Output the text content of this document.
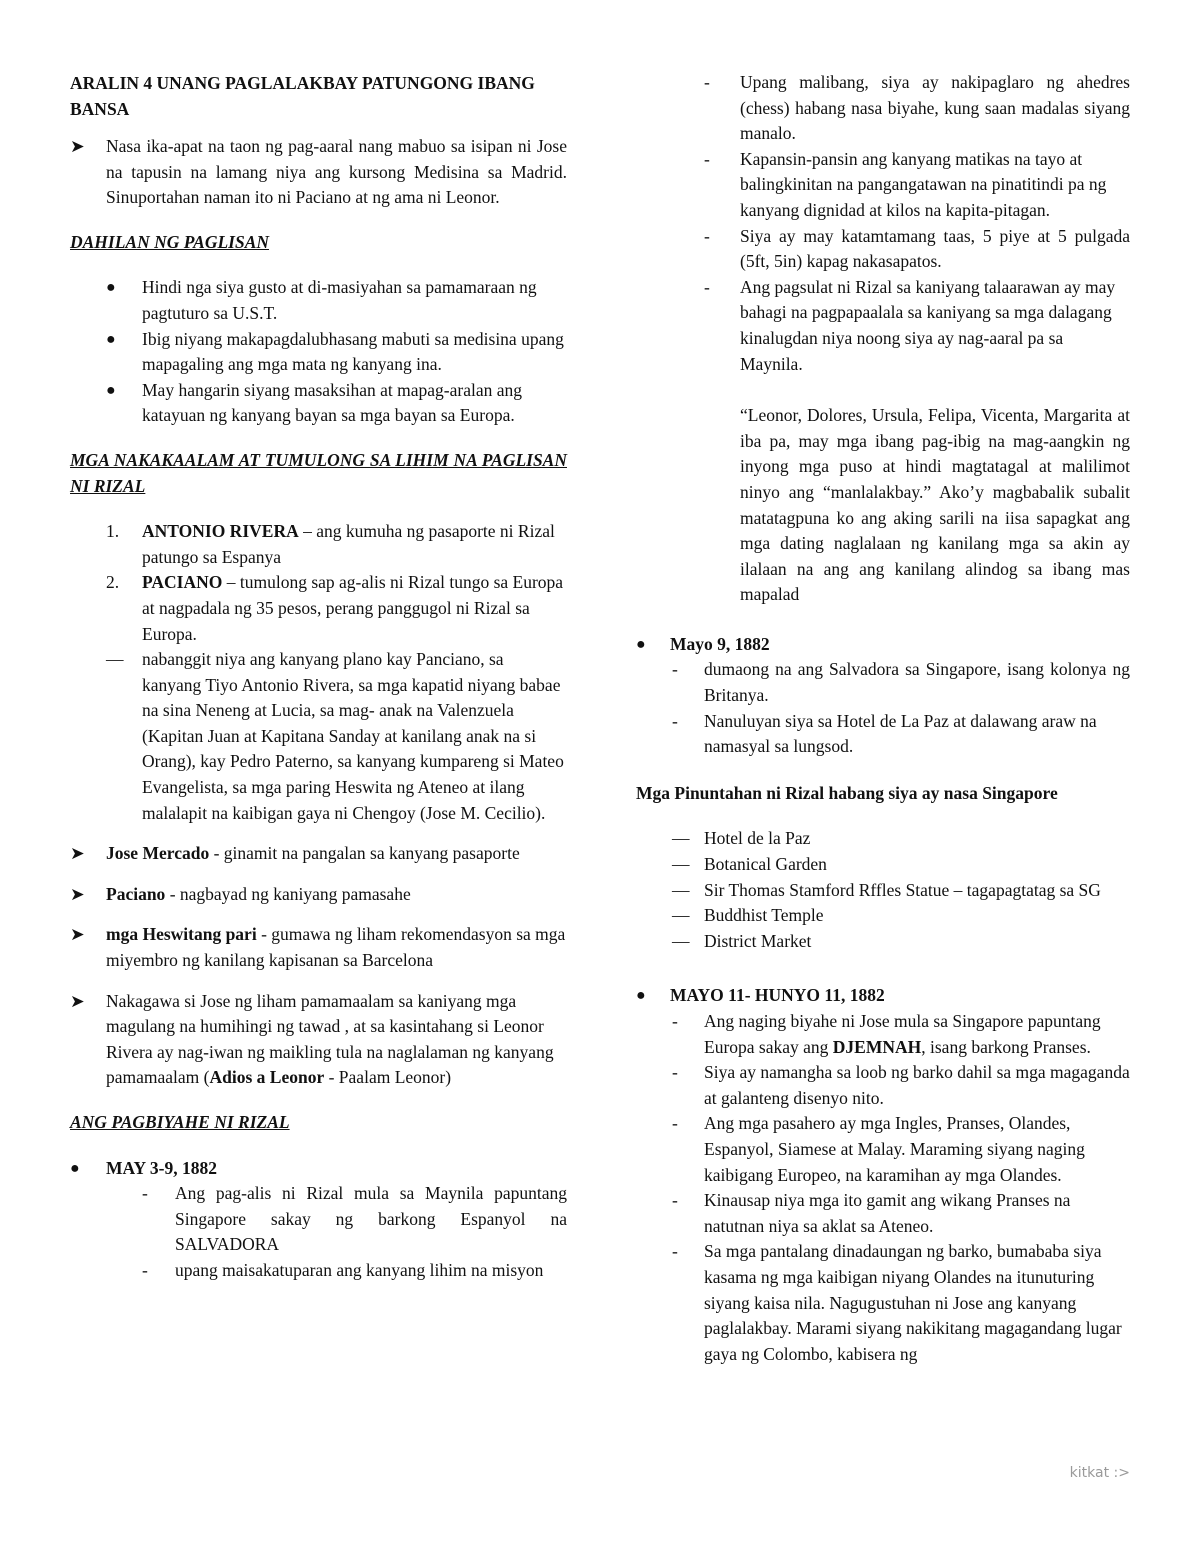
ARALIN 4 UNANG PAGLALAKBAY PATUNGONG IBANG BANSA

➤ Nasa ika-apat na taon ng pag-aaral nang mabuo sa isipan ni Jose na tapusin na lamang niya ang kursong Medisina sa Madrid. Sinuportahan naman ito ni Paciano at ng ama ni Leonor.

DAHILAN NG PAGLISAN

● Hindi nga siya gusto at di-masiyahan sa pamamaraan ng pagtuturo sa U.S.T.
● Ibig niyang makapagdalubhasang mabuti sa medisina upang mapagaling ang mga mata ng kanyang ina.
● May hangarin siyang masaksihan at mapag-aralan ang katayuan ng kanyang bayan sa mga bayan sa Europa.

MGA NAKAKAALAM AT TUMULONG SA LIHIM NA PAGLISAN NI RIZAL

1. ANTONIO RIVERA – ang kumuha ng pasaporte ni Rizal patungo sa Espanya
2. PACIANO – tumulong sap ag-alis ni Rizal tungo sa Europa at nagpadala ng 35 pesos, perang panggugol ni Rizal sa Europa.
— nabanggit niya ang kanyang plano kay Panciano, sa kanyang Tiyo Antonio Rivera, sa mga kapatid niyang babae na sina Neneng at Lucia, sa mag- anak na Valenzuela (Kapitan Juan at Kapitana Sanday at kanilang anak na si Orang), kay Pedro Paterno, sa kanyang kumpareng si Mateo Evangelista, sa mga paring Heswita ng Ateneo at ilang malalapit na kaibigan gaya ni Chengoy (Jose M. Cecilio).
➤ Jose Mercado - ginamit na pangalan sa kanyang pasaporte
➤ Paciano - nagbayad ng kaniyang pamasahe
➤ mga Heswitang pari - gumawa ng liham rekomendasyon sa mga miyembro ng kanilang kapisanan sa Barcelona
➤ Nakagawa si Jose ng liham pamamaalam sa kaniyang mga magulang na humihingi ng tawad , at sa kasintahang si Leonor Rivera ay nag-iwan ng maikling tula na naglalaman ng kanyang pamamaalam (Adios a Leonor - Paalam Leonor)

ANG PAGBIYAHE NI RIZAL

● MAY 3-9, 1882
- Ang pag-alis ni Rizal mula sa Maynila papuntang Singapore sakay ng barkong Espanyol na SALVADORA
- upang maisakatuparan ang kanyang lihim na misyon
- Upang malibang, siya ay nakipaglaro ng ahedres (chess) habang nasa biyahe, kung saan madalas siyang manalo.
- Kapansin-pansin ang kanyang matikas na tayo at balingkinitan na pangangatawan na pinatitindi pa ng kanyang dignidad at kilos na kapita-pitagan.
- Siya ay may katamtamang taas, 5 piye at 5 pulgada (5ft, 5in) kapag nakasapatos.
- Ang pagsulat ni Rizal sa kaniyang talaarawan ay may bahagi na pagpapaalala sa kaniyang sa mga dalagang kinalugdan niya noong siya ay nag-aaral pa sa Maynila.

“Leonor, Dolores, Ursula, Felipa, Vicenta, Margarita at iba pa, may mga ibang pag-ibig na mag-aangkin ng inyong mga puso at hindi magtatagal at malilimot ninyo ang “manlalakbay.” Ako’y magbabalik subalit matatagpuna ko ang aking sarili na iisa sapagkat ang mga dating naglalaan ng kanilang mga sa akin ay ilalaan na ang ang kanilang alindog sa ibang mas mapalad

● Mayo 9, 1882
- dumaong na ang Salvadora sa Singapore, isang kolonya ng Britanya.
- Nanuluyan siya sa Hotel de La Paz at dalawang araw na namasyal sa lungsod.

Mga Pinuntahan ni Rizal habang siya ay nasa Singapore

— Hotel de la Paz
— Botanical Garden
— Sir Thomas Stamford Rffles Statue – tagapagtatag sa SG
— Buddhist Temple
— District Market
● MAYO 11- HUNYO 11, 1882
- Ang naging biyahe ni Jose mula sa Singapore papuntang Europa sakay ang DJEMNAH, isang barkong Pranses.
- Siya ay namangha sa loob ng barko dahil sa mga magaganda at galanteng disenyo nito.
- Ang mga pasahero ay mga Ingles, Pranses, Olandes, Espanyol, Siamese at Malay. Maraming siyang naging kaibigang Europeo, na karamihan ay mga Olandes.
- Kinausap niya mga ito gamit ang wikang Pranses na natutnan niya sa aklat sa Ateneo.
- Sa mga pantalang dinadaungan ng barko, bumababa siya kasama ng mga kaibigan niyang Olandes na itunuturing siyang kaisa nila. Nagugustuhan ni Jose ang kanyang paglalakbay. Marami siyang nakikitang magagandang lugar gaya ng Colombo, kabisera ng
kitkat :>
